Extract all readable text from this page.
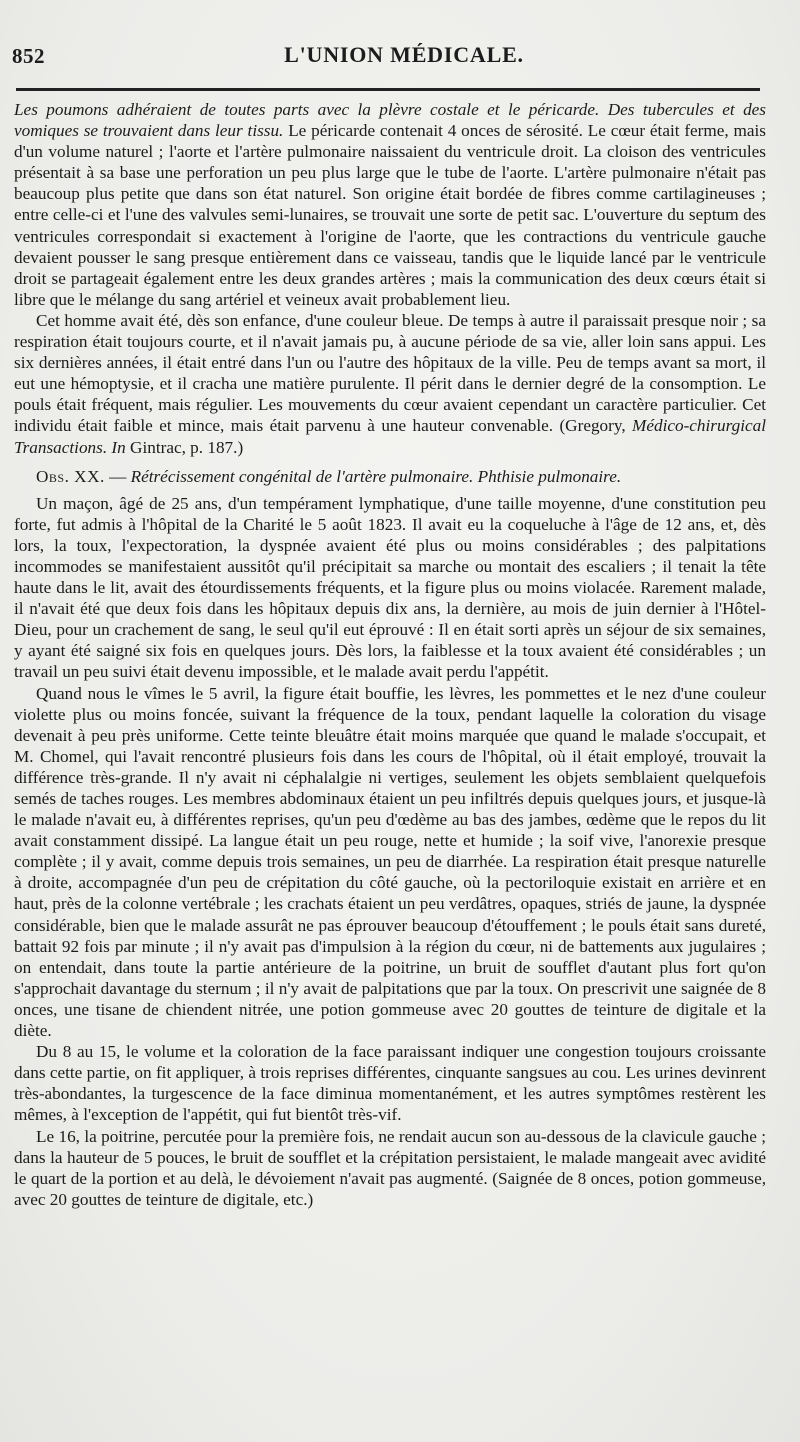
852	L'UNION MÉDICALE.

Les poumons adhéraient de toutes parts avec la plèvre costale et le péricarde. Des tubercules et des vomiques se trouvaient dans leur tissu. Le péricarde contenait 4 onces de sérosité. Le cœur était ferme, mais d'un volume naturel ; l'aorte et l'artère pulmonaire naissaient du ventricule droit. La cloison des ventricules présentait à sa base une perforation un peu plus large que le tube de l'aorte. L'artère pulmonaire n'était pas beaucoup plus petite que dans son état naturel. Son origine était bordée de fibres comme cartilagineuses ; entre celle-ci et l'une des valvules semi-lunaires, se trouvait une sorte de petit sac. L'ouverture du septum des ventricules correspondait si exactement à l'origine de l'aorte, que les contractions du ventricule gauche devaient pousser le sang presque entièrement dans ce vaisseau, tandis que le liquide lancé par le ventricule droit se partageait également entre les deux grandes artères ; mais la communication des deux cœurs était si libre que le mélange du sang artériel et veineux avait probablement lieu.

Cet homme avait été, dès son enfance, d'une couleur bleue. De temps à autre il paraissait presque noir ; sa respiration était toujours courte, et il n'avait jamais pu, à aucune période de sa vie, aller loin sans appui. Les six dernières années, il était entré dans l'un ou l'autre des hôpitaux de la ville. Peu de temps avant sa mort, il eut une hémoptysie, et il cracha une matière purulente. Il périt dans le dernier degré de la consomption. Le pouls était fréquent, mais régulier. Les mouvements du cœur avaient cependant un caractère particulier. Cet individu était faible et mince, mais était parvenu à une hauteur convenable. (Gregory, Médico-chirurgical Transactions. In Gintrac, p. 187.)

Obs. XX. — Rétrécissement congénital de l'artère pulmonaire. Phthisie pulmonaire.

Un maçon, âgé de 25 ans, d'un tempérament lymphatique, d'une taille moyenne, d'une constitution peu forte, fut admis à l'hôpital de la Charité le 5 août 1823. Il avait eu la coqueluche à l'âge de 12 ans, et, dès lors, la toux, l'expectoration, la dyspnée avaient été plus ou moins considérables ; des palpitations incommodes se manifestaient aussitôt qu'il précipitait sa marche ou montait des escaliers ; il tenait la tête haute dans le lit, avait des étourdissements fréquents, et la figure plus ou moins violacée. Rarement malade, il n'avait été que deux fois dans les hôpitaux depuis dix ans, la dernière, au mois de juin dernier à l'Hôtel-Dieu, pour un crachement de sang, le seul qu'il eut éprouvé : Il en était sorti après un séjour de six semaines, y ayant été saigné six fois en quelques jours. Dès lors, la faiblesse et la toux avaient été considérables ; un travail un peu suivi était devenu impossible, et le malade avait perdu l'appétit.

Quand nous le vîmes le 5 avril, la figure était bouffie, les lèvres, les pommettes et le nez d'une couleur violette plus ou moins foncée, suivant la fréquence de la toux, pendant laquelle la coloration du visage devenait à peu près uniforme. Cette teinte bleuâtre était moins marquée que quand le malade s'occupait, et M. Chomel, qui l'avait rencontré plusieurs fois dans les cours de l'hôpital, où il était employé, trouvait la différence très-grande. Il n'y avait ni céphalalgie ni vertiges, seulement les objets semblaient quelquefois semés de taches rouges. Les membres abdominaux étaient un peu infiltrés depuis quelques jours, et jusque-là le malade n'avait eu, à différentes reprises, qu'un peu d'œdème au bas des jambes, œdème que le repos du lit avait constamment dissipé. La langue était un peu rouge, nette et humide ; la soif vive, l'anorexie presque complète ; il y avait, comme depuis trois semaines, un peu de diarrhée. La respiration était presque naturelle à droite, accompagnée d'un peu de crépitation du côté gauche, où la pectoriloquie existait en arrière et en haut, près de la colonne vertébrale ; les crachats étaient un peu verdâtres, opaques, striés de jaune, la dyspnée considérable, bien que le malade assurât ne pas éprouver beaucoup d'étouffement ; le pouls était sans dureté, battait 92 fois par minute ; il n'y avait pas d'impulsion à la région du cœur, ni de battements aux jugulaires ; on entendait, dans toute la partie antérieure de la poitrine, un bruit de soufflet d'autant plus fort qu'on s'approchait davantage du sternum ; il n'y avait de palpitations que par la toux. On prescrivit une saignée de 8 onces, une tisane de chiendent nitrée, une potion gommeuse avec 20 gouttes de teinture de digitale et la diète.

Du 8 au 15, le volume et la coloration de la face paraissant indiquer une congestion toujours croissante dans cette partie, on fit appliquer, à trois reprises différentes, cinquante sangsues au cou. Les urines devinrent très-abondantes, la turgescence de la face diminua momentanément, et les autres symptômes restèrent les mêmes, à l'exception de l'appétit, qui fut bientôt très-vif.

Le 16, la poitrine, percutée pour la première fois, ne rendait aucun son au-dessous de la clavicule gauche ; dans la hauteur de 5 pouces, le bruit de soufflet et la crépitation persistaient, le malade mangeait avec avidité le quart de la portion et au delà, le dévoiement n'avait pas augmenté. (Saignée de 8 onces, potion gommeuse, avec 20 gouttes de teinture de digitale, etc.)
